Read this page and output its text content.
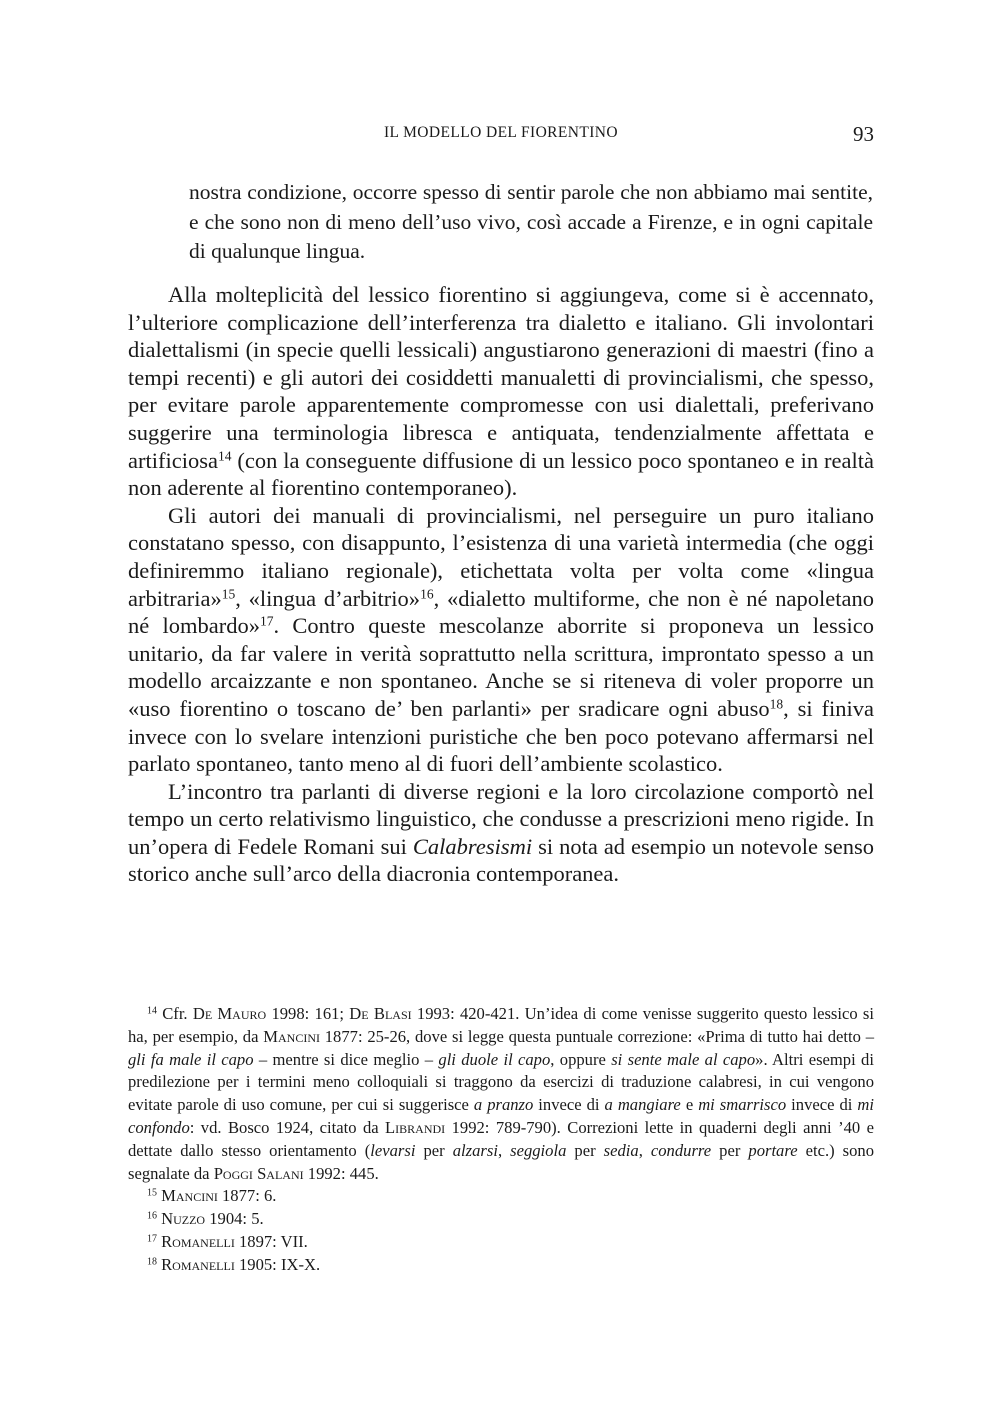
IL MODELLO DEL FIORENTINO	93
nostra condizione, occorre spesso di sentir parole che non abbiamo mai sentite, e che sono non di meno dell’uso vivo, così accade a Firenze, e in ogni capitale di qualunque lingua.

Alla molteplicità del lessico fiorentino si aggiungeva, come si è accennato, l’ulteriore complicazione dell’interferenza tra dialetto e italiano. Gli involontari dialettalismi (in specie quelli lessicali) angustiarono generazioni di maestri (fino a tempi recenti) e gli autori dei cosiddetti manualetti di provincialismi, che spesso, per evitare parole apparentemente compromesse con usi dialettali, preferivano suggerire una terminologia libresca e antiquata, tendenzialmente affettata e artificiosa$^{14}$ (con la conseguente diffusione di un lessico poco spontaneo e in realtà non aderente al fiorentino contemporaneo).

Gli autori dei manuali di provincialismi, nel perseguire un puro italiano constatano spesso, con disappunto, l’esistenza di una varietà intermedia (che oggi definiremmo italiano regionale), etichettata volta per volta come «lingua arbitraria»$^{15}$, «lingua d’arbitrio»$^{16}$, «dialetto multiforme, che non è né napoletano né lombardo»$^{17}$. Contro queste mescolanze aborrite si proponeva un lessico unitario, da far valere in verità soprattutto nella scrittura, improntato spesso a un modello arcaizzante e non spontaneo. Anche se si riteneva di voler proporre un «uso fiorentino o toscano de’ ben parlanti» per sradicare ogni abuso$^{18}$, si finiva invece con lo svelare intenzioni puristiche che ben poco potevano affermarsi nel parlato spontaneo, tanto meno al di fuori dell’ambiente scolastico.

L’incontro tra parlanti di diverse regioni e la loro circolazione comportò nel tempo un certo relativismo linguistico, che condusse a prescrizioni meno rigide. In un’opera di Fedele Romani sui Calabresismi si nota ad esempio un notevole senso storico anche sull’arco della diacronia contemporanea.

$^{14}$ Cfr. De Mauro 1998: 161; De Blasi 1993: 420-421. Un’idea di come venisse suggerito questo lessico si ha, per esempio, da Mancini 1877: 25-26, dove si legge questa puntuale correzione: «Prima di tutto hai detto – gli fa male il capo – mentre si dice meglio – gli duole il capo, oppure si sente male al capo». Altri esempi di predilezione per i termini meno colloquiali si traggono da esercizi di traduzione calabresi, in cui vengono evitate parole di uso comune, per cui si suggerisce a pranzo invece di a mangiare e mi smarrisco invece di mi confondo: vd. Bosco 1924, citato da Librandi 1992: 789-790). Correzioni lette in quaderni degli anni ’40 e dettate dallo stesso orientamento (levarsi per alzarsi, seggiola per sedia, condurre per portare etc.) sono segnalate da Poggi Salani 1992: 445.

$^{15}$ Mancini 1877: 6.

$^{16}$ Nuzzo 1904: 5.

$^{17}$ Romanelli 1897: VII.

$^{18}$ Romanelli 1905: IX-X.
